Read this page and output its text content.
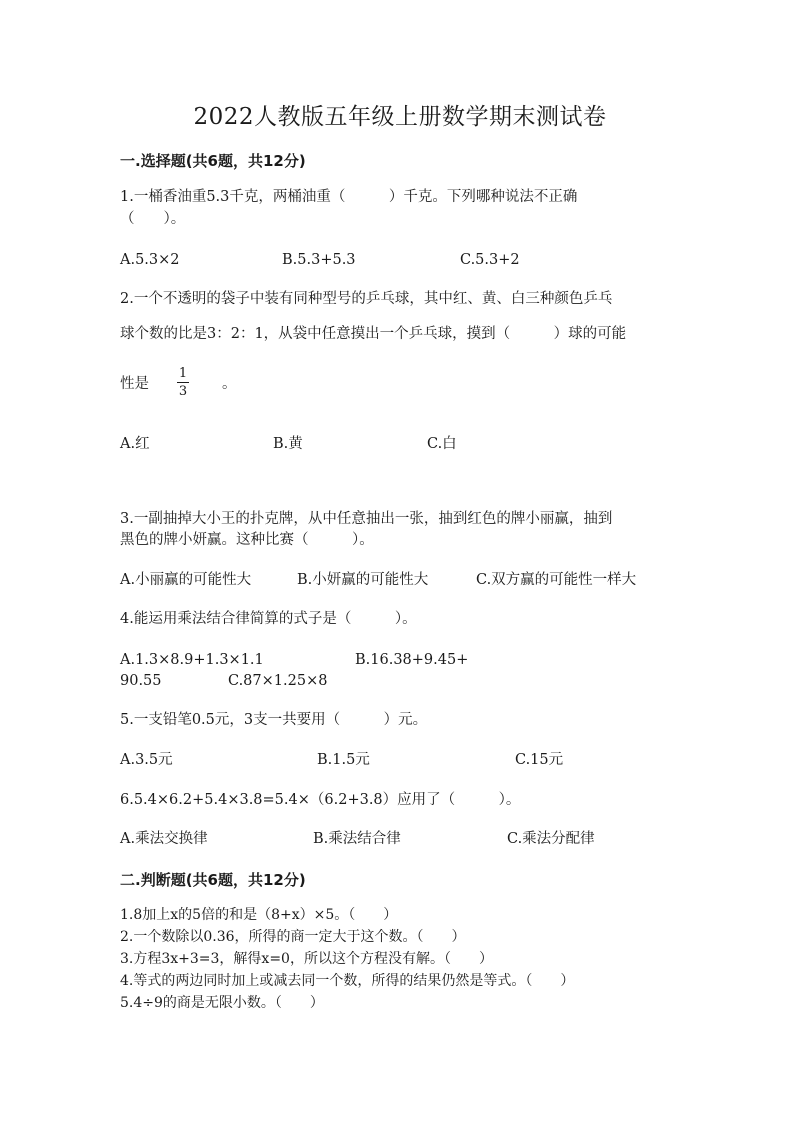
2022人教版五年级上册数学期末测试卷
一.选择题(共6题，共12分)
1.一桶香油重5.3千克，两桶油重（　　　）千克。下列哪种说法不正确
（　　）。
A.5.3×2	B.5.3+5.3	C.5.3+2
2.一个不透明的袋子中装有同种型号的乒乓球，其中红、黄、白三种颜色乒乓
球个数的比是3：2：1，从袋中任意摸出一个乒乓球，摸到（　　　）球的可能
性是
1
3 。
A.红	B.黄	C.白
3.一副抽掉大小王的扑克牌，从中任意抽出一张，抽到红色的牌小丽赢，抽到
黑色的牌小妍赢。这种比赛（　　　）。
A.小丽赢的可能性大	B.小妍赢的可能性大	C.双方赢的可能性一样大
4.能运用乘法结合律简算的式子是（　　　）。
A.1.3×8.9+1.3×1.1	B.16.38+9.45+
90.55	C.87×1.25×8
5.一支铅笔0.5元，3支一共要用（　　　）元。
A.3.5元	B.1.5元	C.15元
6.5.4×6.2+5.4×3.8=5.4×（6.2+3.8）应用了（　　　）。
A.乘法交换律	B.乘法结合律	C.乘法分配律
二.判断题(共6题，共12分)
1.8加上x的5倍的和是（8+x）×5。（　　）
2.一个数除以0.36，所得的商一定大于这个数。（　　）
3.方程3x+3=3，解得x=0，所以这个方程没有解。（　　）
4.等式的两边同时加上或减去同一个数，所得的结果仍然是等式。（　　）
5.4÷9的商是无限小数。（　　）
